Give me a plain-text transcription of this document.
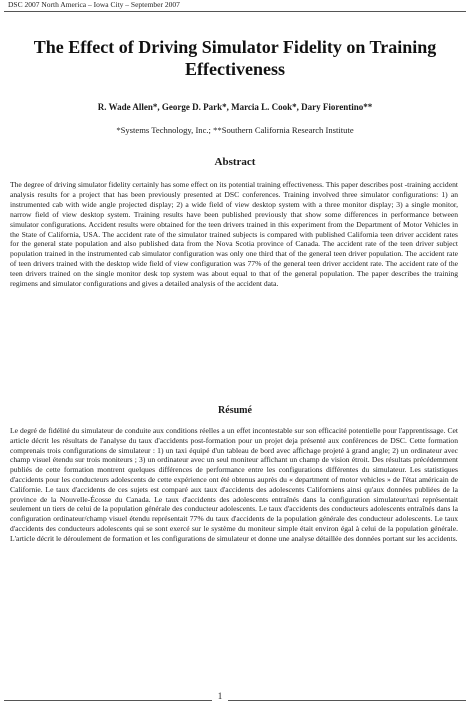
DSC 2007 North America – Iowa City – September 2007
The Effect of Driving Simulator Fidelity on Training Effectiveness
R. Wade Allen*, George D. Park*, Marcia L. Cook*, Dary Fiorentino**
*Systems Technology, Inc.; **Southern California Research Institute
Abstract
The degree of driving simulator fidelity certainly has some effect on its potential training effectiveness. This paper describes post -training accident analysis results for a project that has been previously presented at DSC conferences. Training involved three simulator configurations: 1) an instrumented cab with wide angle projected display; 2) a wide field of view desktop system with a three monitor display; 3) a single monitor, narrow field of view desktop system. Training results have been published previously that show some differences in performance between simulator configurations. Accident results were obtained for the teen drivers trained in this experiment from the Department of Motor Vehicles in the State of California, USA. The accident rate of the simulator trained subjects is compared with published California teen driver accident rates for the general state population and also published data from the Nova Scotia province of Canada. The accident rate of the teen driver subject population trained in the instrumented cab simulator configuration was only one third that of the general teen driver population. The accident rate of teen drivers trained with the desktop wide field of view configuration was 77% of the general teen driver accident rate. The accident rate of the teen drivers trained on the single monitor desk top system was about equal to that of the general population. The paper describes the training regimens and simulator configurations and gives a detailed analysis of the accident data.
Résumé
Le degré de fidélité du simulateur de conduite aux conditions réelles a un effet incontestable sur son efficacité potentielle pour l'apprentissage. Cet article décrit les résultats de l'analyse du taux d'accidents post-formation pour un projet deja présenté aux conférences de DSC. Cette formation comprenais trois configurations de simulateur : 1) un taxi équipé d'un tableau de bord avec affichage projeté à grand angle; 2) un ordinateur avec champ visuel étendu sur trois moniteurs ; 3) un ordinateur avec un seul moniteur affichant un champ de vision étroit. Des résultats précédemment publiés de cette formation montrent quelques différences de performance entre les configurations différentes du simulateur. Les statistiques d'accidents pour les conducteurs adolescents de cette expérience ont été obtenus auprès du « department of motor vehicles » de l'état américain de Californie. Le taux d'accidents de ces sujets est comparé aux taux d'accidents des adolescents Californiens ainsi qu'aux données publiées de la province de la Nouvelle-Écosse du Canada. Le taux d'accidents des adolescents entraînés dans la configuration simulateur/taxi représentait seulement un tiers de celui de la population générale des conducteur adolescents. Le taux d'accidents des conducteurs adolescents entraînés dans la configuration ordinateur/champ visuel étendu représentait 77% du taux d'accidents de la population générale des conducteur adolescents. Le taux d'accidents des conducteurs adolescents qui se sont exercé sur le système du moniteur simple était environ égal à celui de la population générale. L'article décrit le déroulement de formation et les configurations de simulateur et donne une analyse détaillée des données portant sur les accidents.
1
